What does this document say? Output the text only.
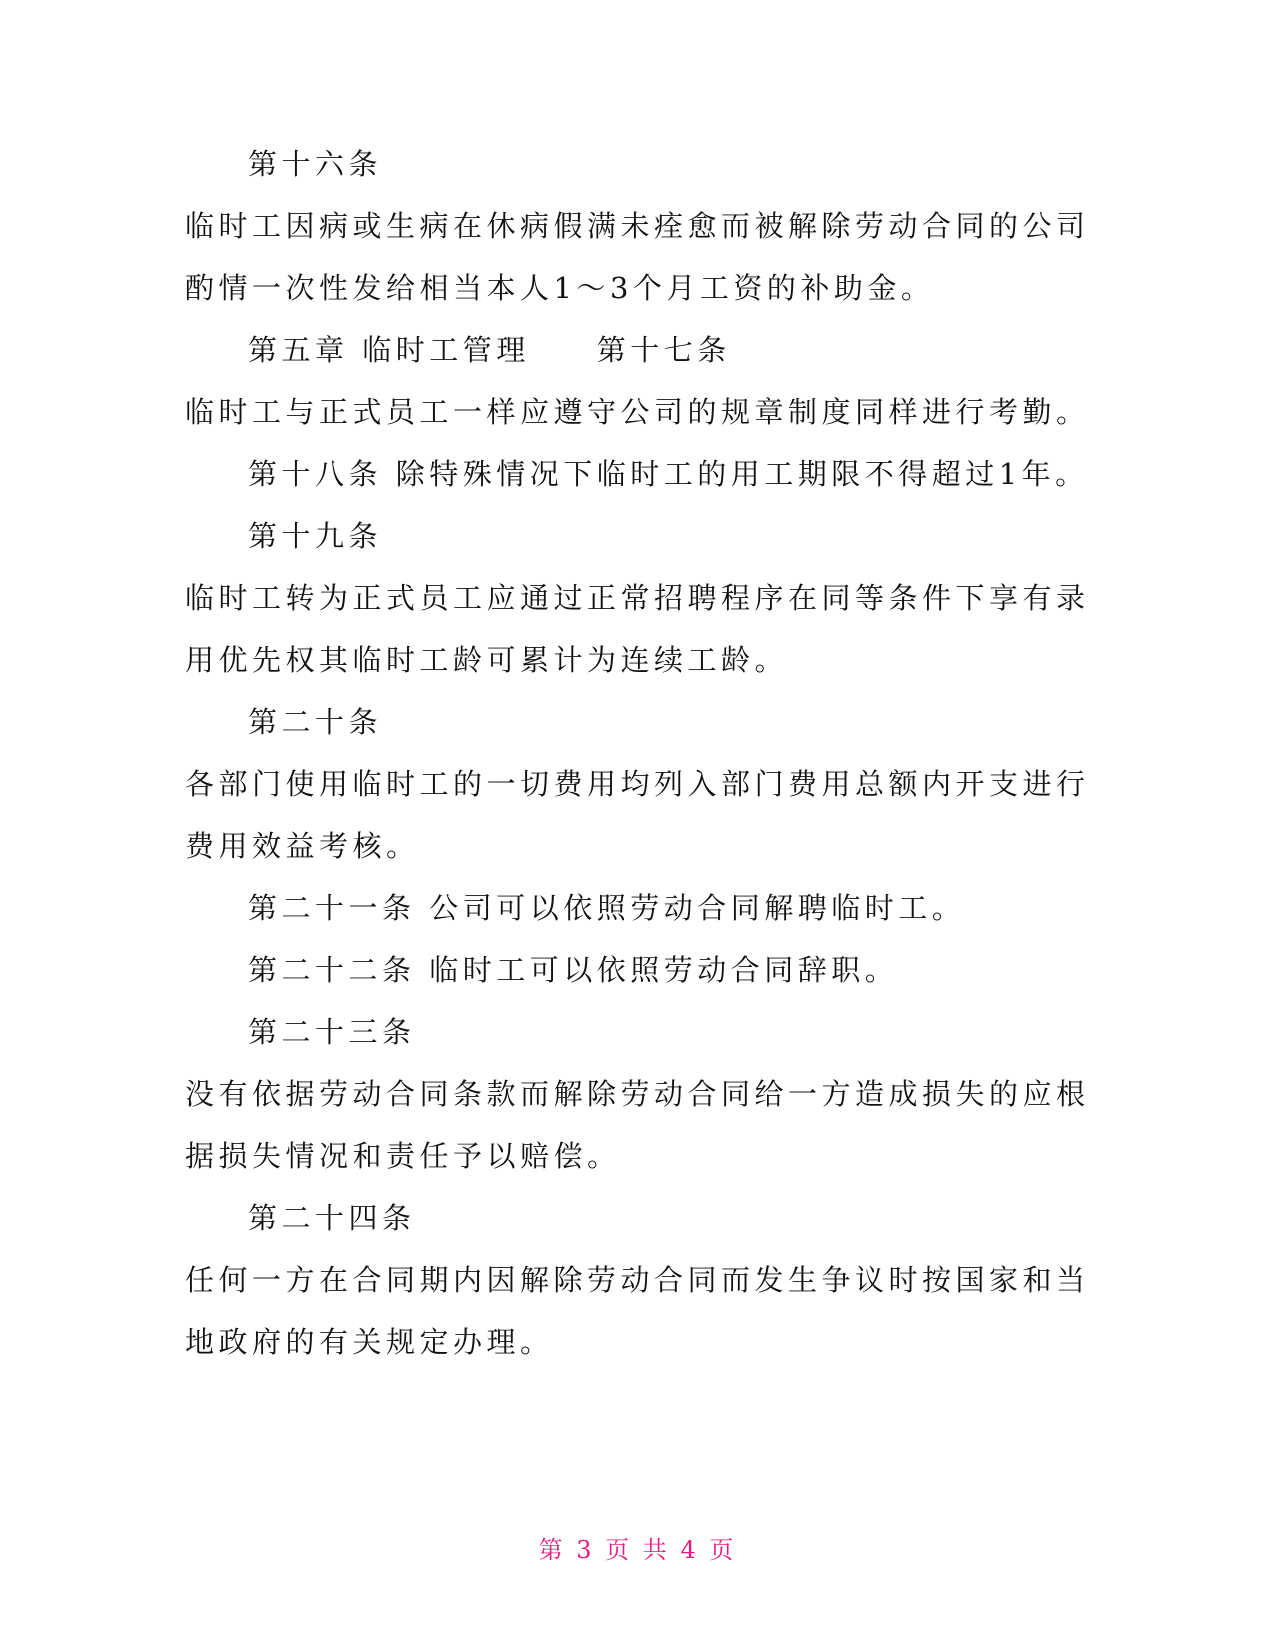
第十六条
临时工因病或生病在休病假满未痊愈而被解除劳动合同的公司
酌情一次性发给相当本人1～3个月工资的补助金。
第五章 临时工管理　　第十七条
临时工与正式员工一样应遵守公司的规章制度同样进行考勤。
第十八条 除特殊情况下临时工的用工期限不得超过1年。
第十九条
临时工转为正式员工应通过正常招聘程序在同等条件下享有录
用优先权其临时工龄可累计为连续工龄。
第二十条
各部门使用临时工的一切费用均列入部门费用总额内开支进行
费用效益考核。
第二十一条 公司可以依照劳动合同解聘临时工。
第二十二条 临时工可以依照劳动合同辞职。
第二十三条
没有依据劳动合同条款而解除劳动合同给一方造成损失的应根
据损失情况和责任予以赔偿。
第二十四条
任何一方在合同期内因解除劳动合同而发生争议时按国家和当
地政府的有关规定办理。
第 3 页 共 4 页
